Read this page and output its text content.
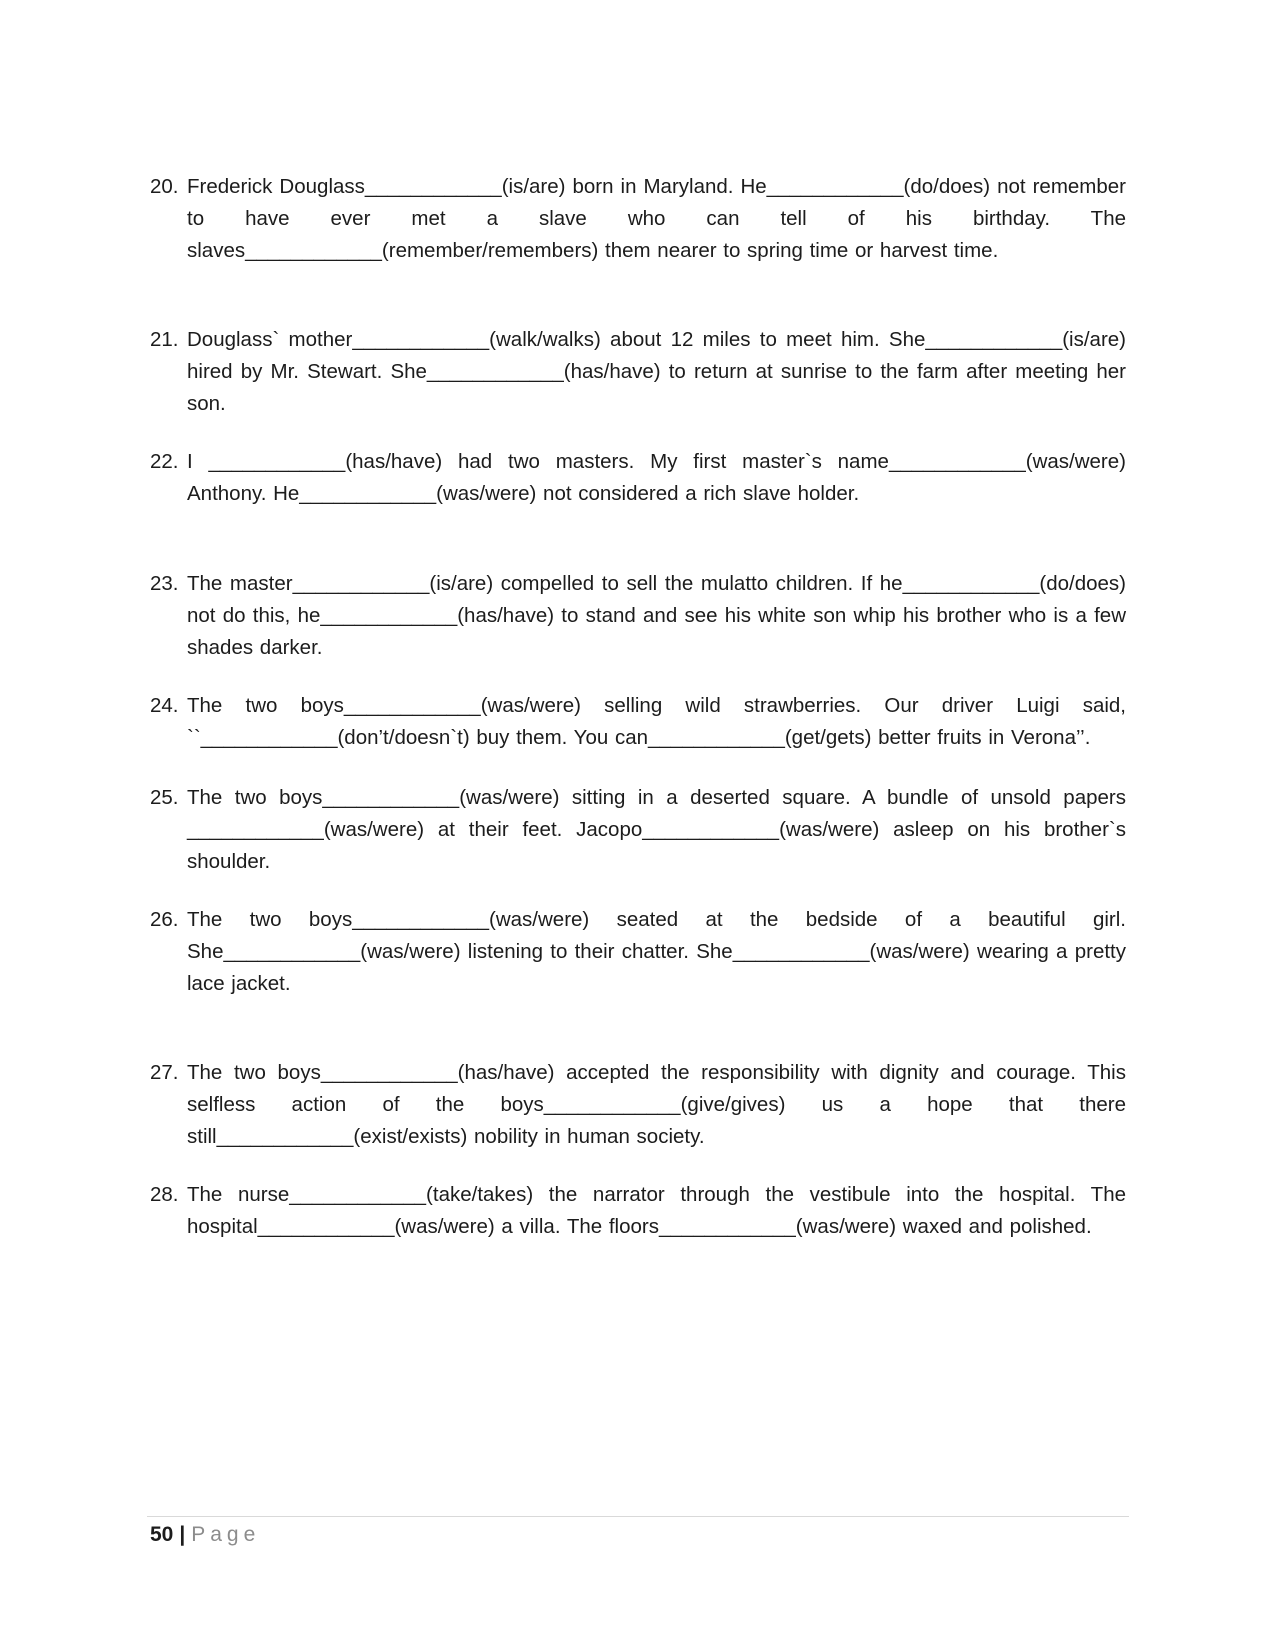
20. Frederick Douglass____________(is/are) born in Maryland. He____________(do/does) not remember to have ever met a slave who can tell of his birthday. The slaves____________(remember/remembers) them nearer to spring time or harvest time.
21. Douglass` mother____________(walk/walks) about 12 miles to meet him. She____________(is/are) hired by Mr. Stewart. She____________(has/have) to return at sunrise to the farm after meeting her son.
22. I ____________(has/have) had two masters. My first master`s name____________(was/were) Anthony. He____________(was/were) not considered a rich slave holder.
23. The master____________(is/are) compelled to sell the mulatto children. If he____________(do/does) not do this, he____________(has/have) to stand and see his white son whip his brother who is a few shades darker.
24. The two boys____________(was/were) selling wild strawberries. Our driver Luigi said, ``____________(don’t/doesn`t) buy them. You can____________(get/gets) better fruits in Verona’’.
25. The two boys____________(was/were) sitting in a deserted square. A bundle of unsold papers ____________(was/were) at their feet. Jacopo____________(was/were) asleep on his brother`s shoulder.
26. The two boys____________(was/were) seated at the bedside of a beautiful girl. She____________(was/were) listening to their chatter. She____________(was/were) wearing a pretty lace jacket.
27. The two boys____________(has/have) accepted the responsibility with dignity and courage. This selfless action of the boys____________(give/gives) us a hope that there still____________(exist/exists) nobility in human society.
28. The nurse____________(take/takes) the narrator through the vestibule into the hospital. The hospital____________(was/were) a villa. The floors____________(was/were) waxed and polished.
50 | Page
